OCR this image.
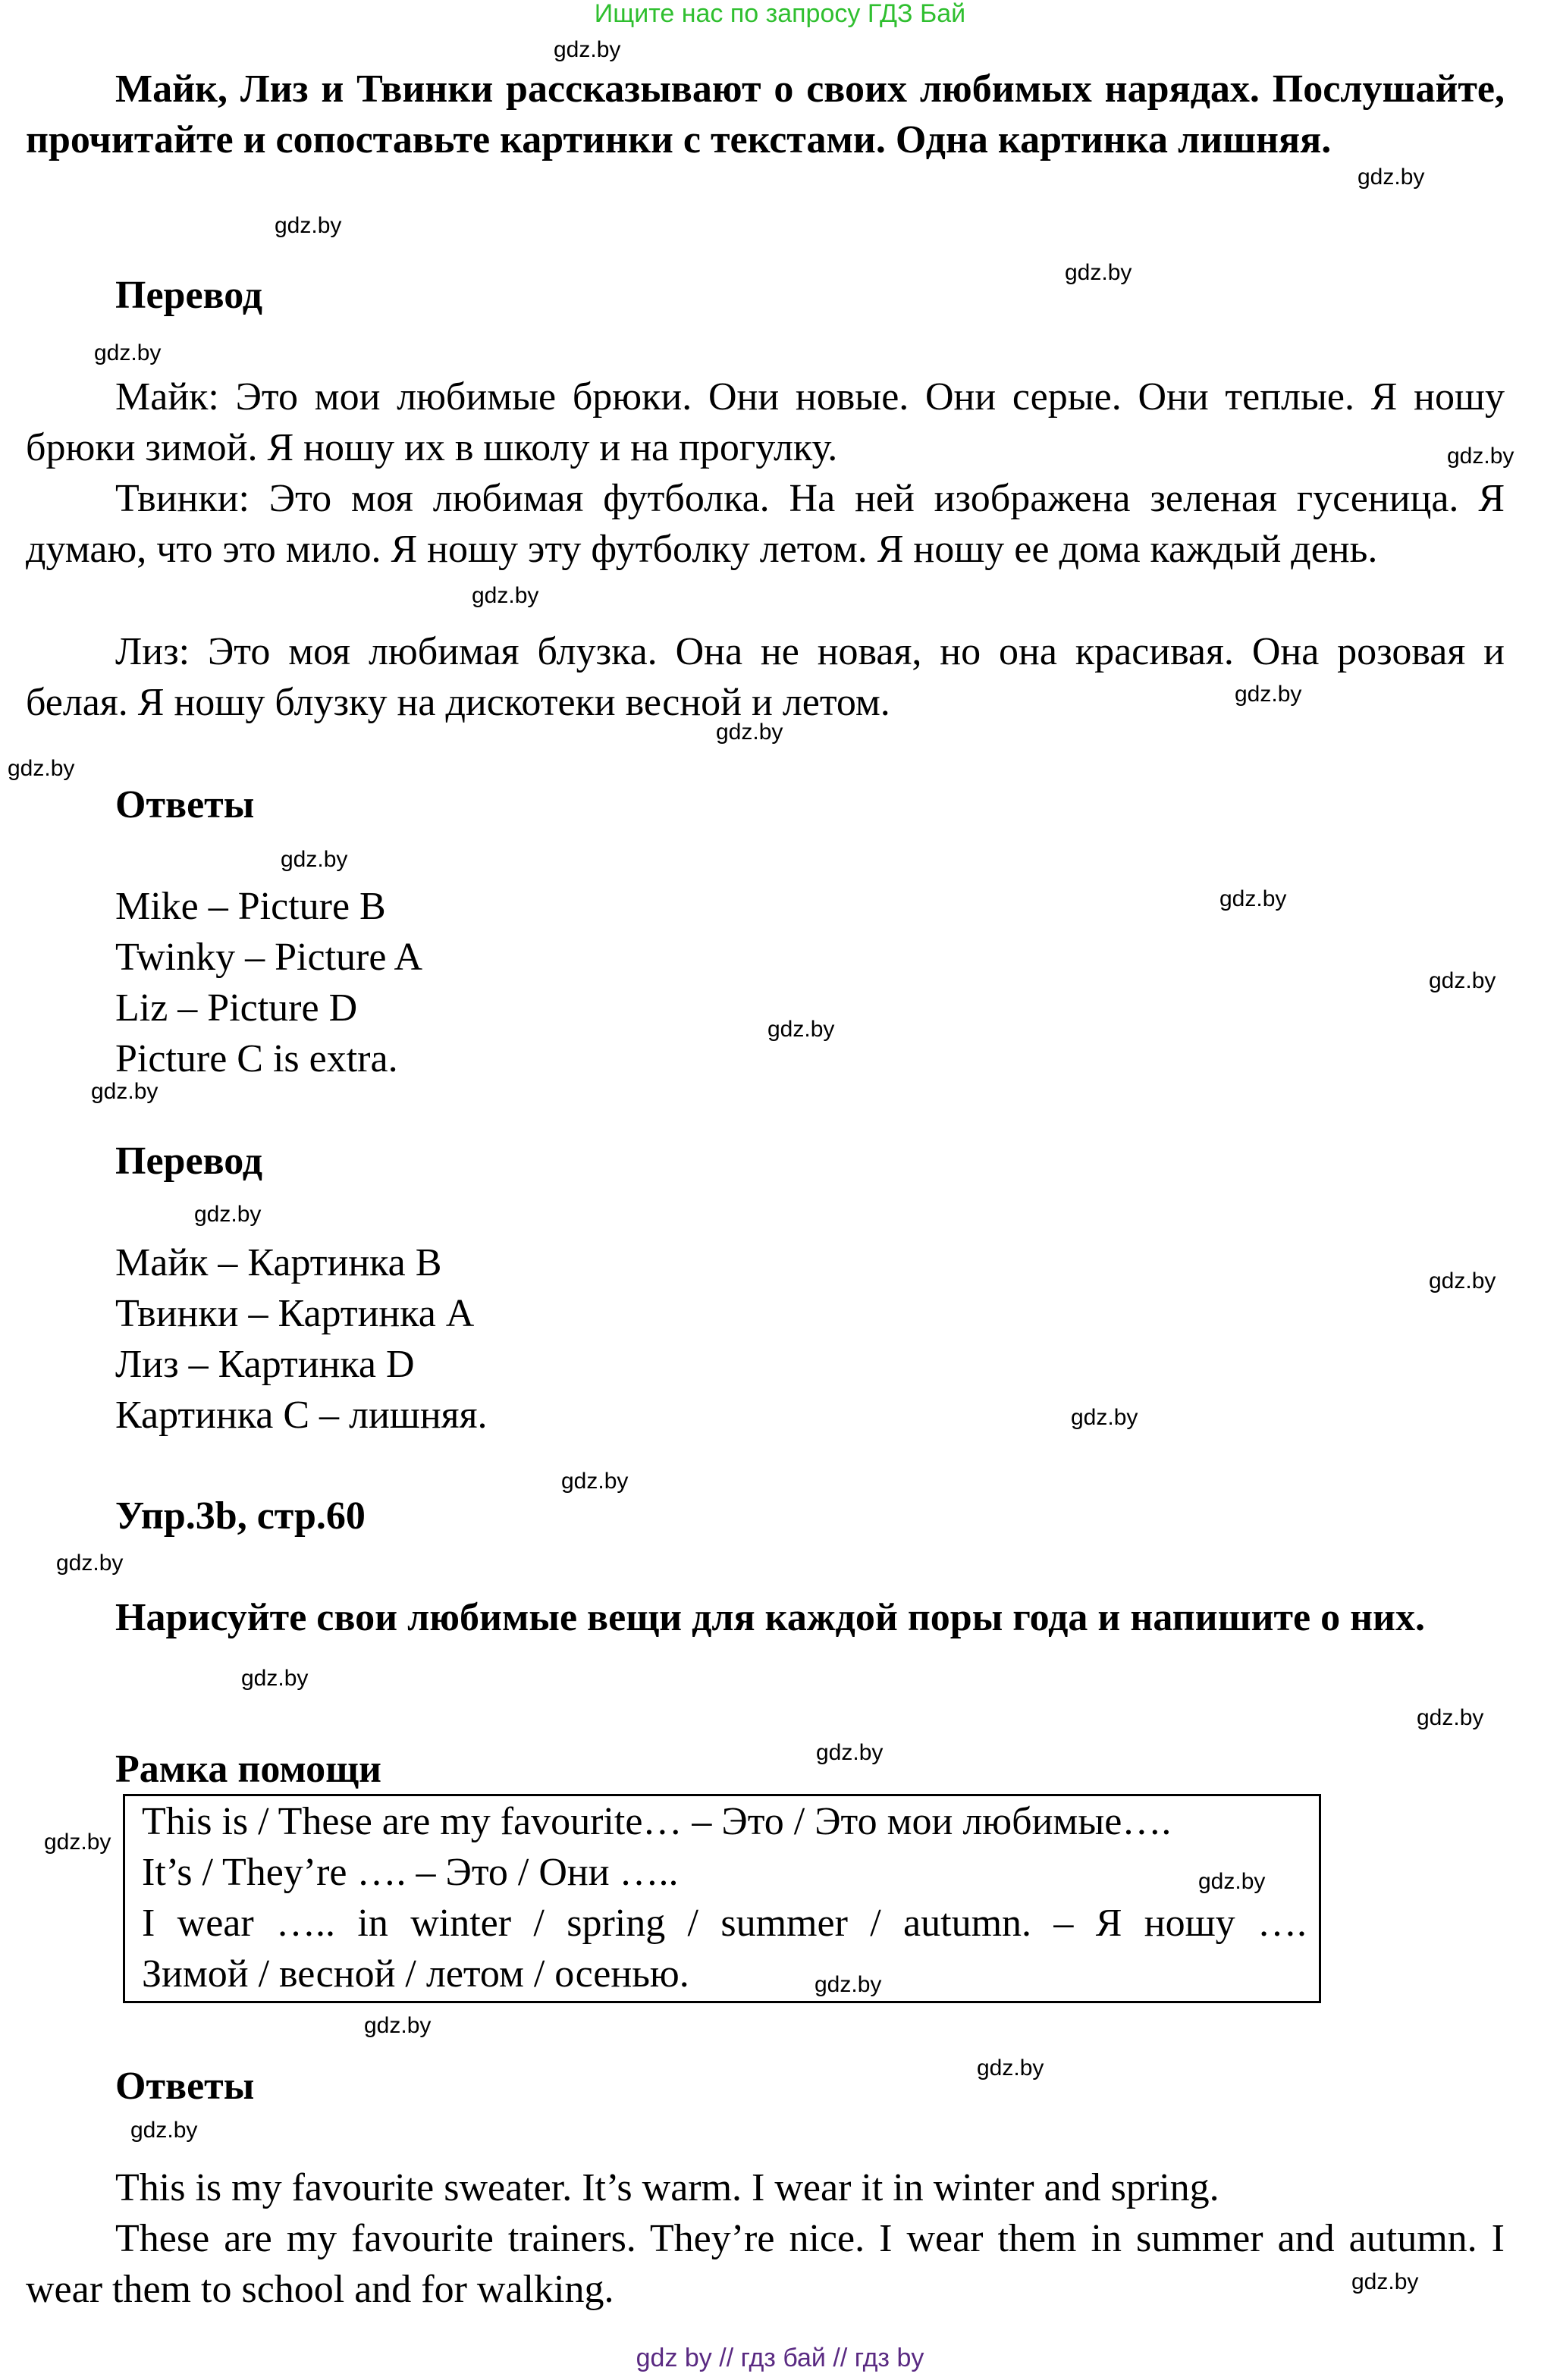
Ищите нас по запросу ГДЗ Бай
gdz.by
gdz.by
gdz.by
gdz.by
gdz.by
gdz.by
gdz.by
gdz.by
gdz.by
gdz.by
gdz.by
gdz.by
gdz.by
gdz.by
gdz.by
gdz.by
gdz.by
gdz.by
gdz.by
gdz.by
gdz.by
gdz.by
gdz.by
gdz.by
gdz.by
gdz.by
gdz.by
gdz.by
gdz.by
gdz.by
Майк, Лиз и Твинки рассказывают о своих любимых нарядах. Послушайте, прочитайте и сопоставьте картинки с текстами. Одна картинка лишняя.
Перевод
Майк: Это мои любимые брюки. Они новые. Они серые. Они теплые. Я ношу брюки зимой. Я ношу их в школу и на прогулку.
Твинки: Это моя любимая футболка. На ней изображена зеленая гусеница. Я думаю, что это мило. Я ношу эту футболку летом. Я ношу ее дома каждый день.
Лиз: Это моя любимая блузка. Она не новая, но она красивая. Она розовая и белая. Я ношу блузку на дискотеки весной и летом.
Ответы
Mike – Picture B
Twinky – Picture A
Liz – Picture D
Picture C is extra.
Перевод
Майк – Картинка B
Твинки – Картинка A
Лиз – Картинка D
Картинка C – лишняя.
Упр.3b, стр.60
Нарисуйте свои любимые вещи для каждой поры года и напишите о них.
Рамка помощи
This is / These are my favourite… – Это / Это мои любимые….
It’s / They’re …. – Это / Они …..
I wear ….. in winter / spring / summer / autumn. – Я ношу ….
Зимой / весной / летом / осенью.
Ответы
This is my favourite sweater. It’s warm. I wear it in winter and spring.
These are my favourite trainers. They’re nice. I wear them in summer and autumn. I wear them to school and for walking.
gdz by // гдз бай // гдз by
